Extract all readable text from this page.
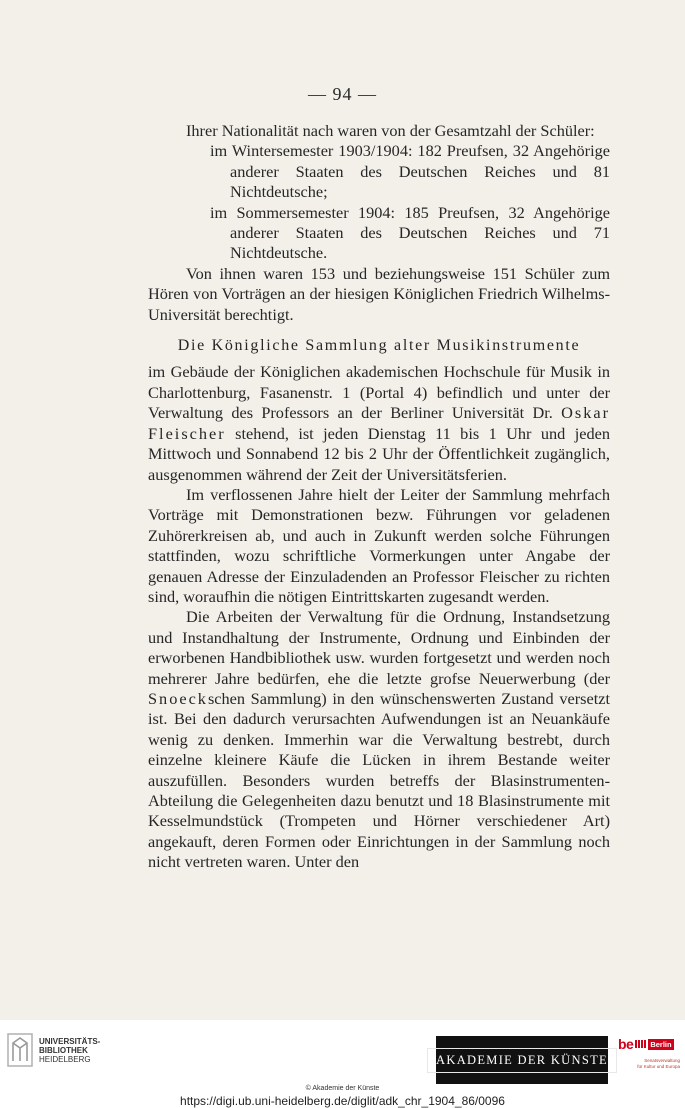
— 94 —

Ihrer Nationalität nach waren von der Gesamtzahl der Schüler:

im Wintersemester 1903/1904: 182 Preufsen, 32 Angehörige anderer Staaten des Deutschen Reiches und 81 Nichtdeutsche;

im Sommersemester 1904: 185 Preufsen, 32 Angehörige anderer Staaten des Deutschen Reiches und 71 Nichtdeutsche.

Von ihnen waren 153 und beziehungsweise 151 Schüler zum Hören von Vorträgen an der hiesigen Königlichen Friedrich Wilhelms-Universität berechtigt.

Die Königliche Sammlung alter Musikinstrumente

im Gebäude der Königlichen akademischen Hochschule für Musik in Charlottenburg, Fasanenstr. 1 (Portal 4) befindlich und unter der Verwaltung des Professors an der Berliner Universität Dr. Oskar Fleischer stehend, ist jeden Dienstag 11 bis 1 Uhr und jeden Mittwoch und Sonnabend 12 bis 2 Uhr der Öffentlichkeit zugänglich, ausgenommen während der Zeit der Universitätsferien.

Im verflossenen Jahre hielt der Leiter der Sammlung mehrfach Vorträge mit Demonstrationen bezw. Führungen vor geladenen Zuhörerkreisen ab, und auch in Zukunft werden solche Führungen stattfinden, wozu schriftliche Vormerkungen unter Angabe der genauen Adresse der Einzuladenden an Professor Fleischer zu richten sind, woraufhin die nötigen Eintrittskarten zugesandt werden.

Die Arbeiten der Verwaltung für die Ordnung, Instandsetzung und Instandhaltung der Instrumente, Ordnung und Einbinden der erworbenen Handbibliothek usw. wurden fortgesetzt und werden noch mehrerer Jahre bedürfen, ehe die letzte grofse Neuerwerbung (der Snoeckschen Sammlung) in den wünschenswerten Zustand versetzt ist. Bei den dadurch verursachten Aufwendungen ist an Neuankäufe wenig zu denken. Immerhin war die Verwaltung bestrebt, durch einzelne kleinere Käufe die Lücken in ihrem Bestande weiter auszufüllen. Besonders wurden betreffs der Blasinstrumenten-Abteilung die Gelegenheiten dazu benutzt und 18 Blasinstrumente mit Kesselmundstück (Trompeten und Hörner verschiedener Art) angekauft, deren Formen oder Einrichtungen in der Sammlung noch nicht vertreten waren. Unter den

UNIVERSITÄTS-
BIBLIOTHEK
HEIDELBERG	AKADEMIE DER KÜNSTE
be Berlin
Senatsverwaltung
für Kultur und Europa
© Akademie der Künste
https://digi.ub.uni-heidelberg.de/diglit/adk_chr_1904_86/0096
